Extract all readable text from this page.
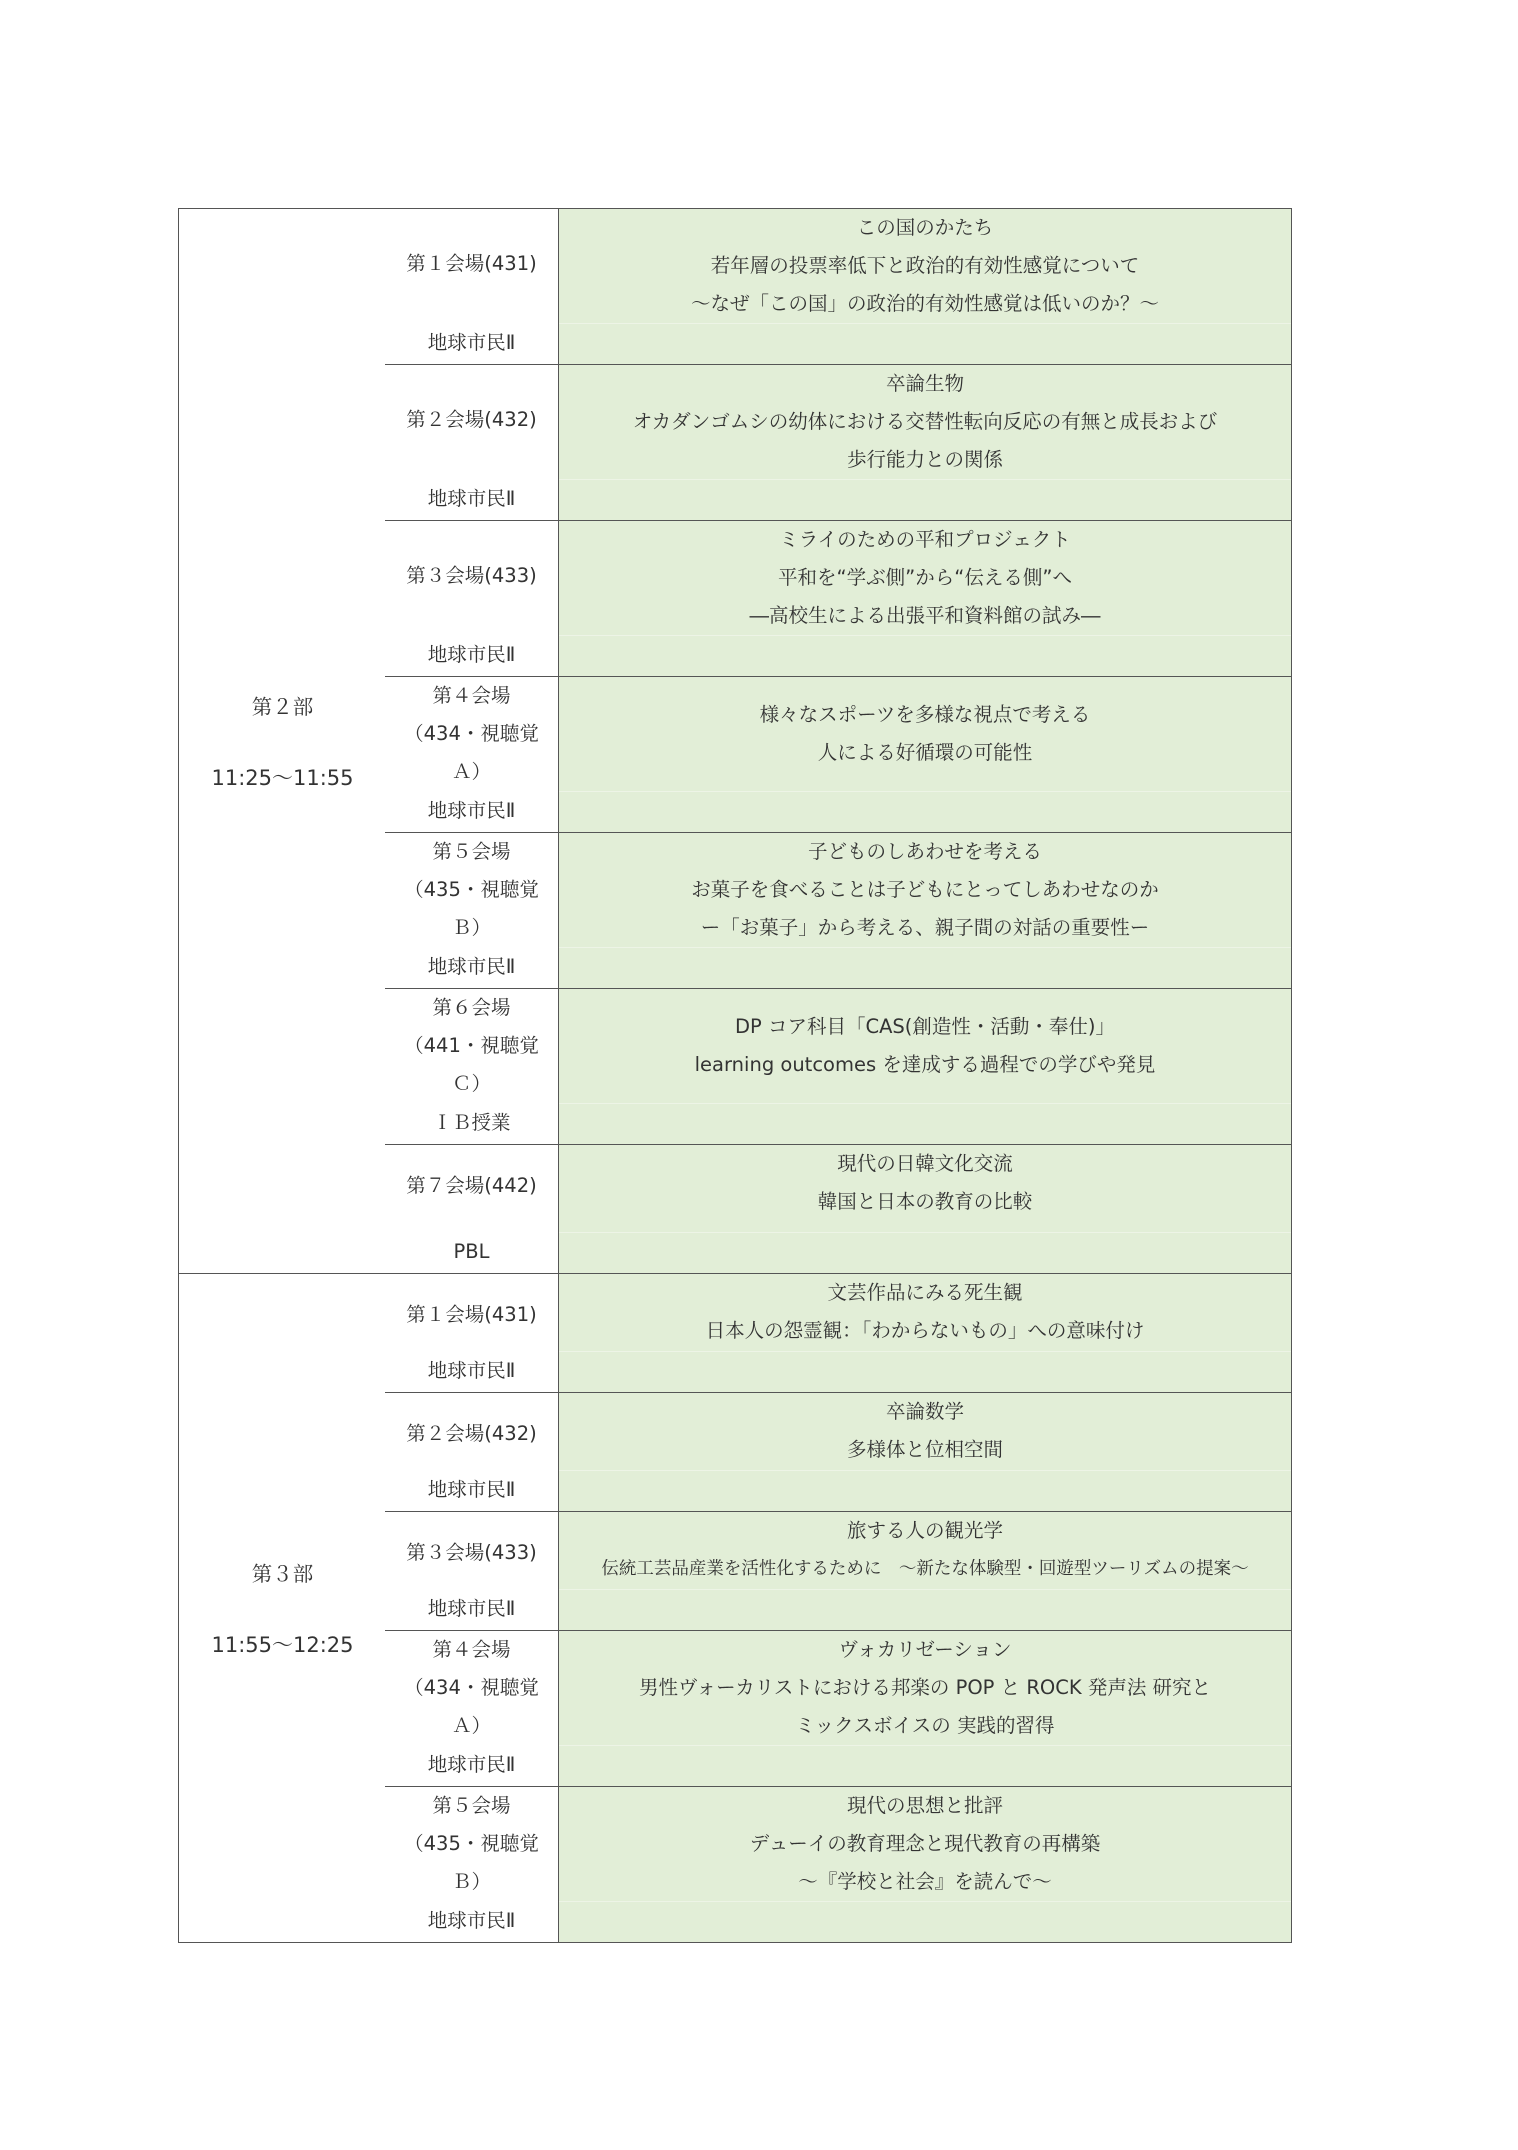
第２部
11:25〜11:55
第１会場(431)
地球市民Ⅱ
この国のかたち
若年層の投票率低下と政治的有効性感覚について
〜なぜ「この国」の政治的有効性感覚は低いのか？〜
第２会場(432)
地球市民Ⅱ
卒論生物
オカダンゴムシの幼体における交替性転向反応の有無と成長および
歩行能力との関係
第３会場(433)
地球市民Ⅱ
ミライのための平和プロジェクト
平和を“学ぶ側”から“伝える側”へ
―高校生による出張平和資料館の試み―
第４会場
（434・視聴覚
Ａ）
地球市民Ⅱ
様々なスポーツを多様な視点で考える
人による好循環の可能性
第５会場
（435・視聴覚
Ｂ）
地球市民Ⅱ
子どものしあわせを考える
お菓子を食べることは子どもにとってしあわせなのか
ー「お菓子」から考える、親子間の対話の重要性ー
第６会場
（441・視聴覚
Ｃ）
ＩＢ授業
DP コア科目「CAS(創造性・活動・奉仕)」
learning outcomes を達成する過程での学びや発見
第７会場(442)
PBL
現代の日韓文化交流
韓国と日本の教育の比較
第３部
11:55〜12:25
第１会場(431)
地球市民Ⅱ
文芸作品にみる死生観
日本人の怨霊観：「わからないもの」への意味付け
第２会場(432)
地球市民Ⅱ
卒論数学
多様体と位相空間
第３会場(433)
地球市民Ⅱ
旅する人の観光学
伝統工芸品産業を活性化するために　〜新たな体験型・回遊型ツーリズムの提案〜
第４会場
（434・視聴覚
Ａ）
地球市民Ⅱ
ヴォカリゼーション
男性ヴォーカリストにおける邦楽の POP と ROCK 発声法 研究と
ミックスボイスの 実践的習得
第５会場
（435・視聴覚
Ｂ）
地球市民Ⅱ
現代の思想と批評
デューイの教育理念と現代教育の再構築
〜『学校と社会』を読んで〜
